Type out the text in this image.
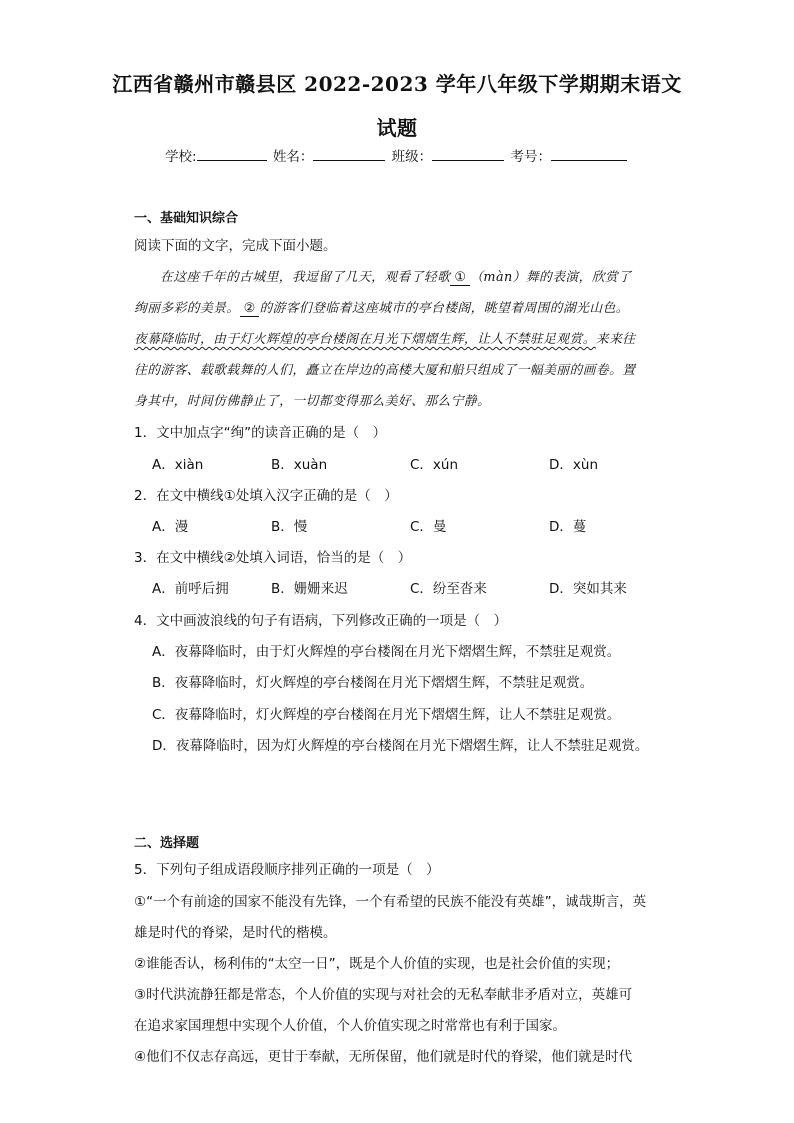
江西省赣州市赣县区 2022-2023 学年八年级下学期期末语文
试题
学校:	姓名：	班级：	考号：
一、基础知识综合
阅读下面的文字，完成下面小题。
在这座千年的古城里，我逗留了几天，观看了轻歌 ① （màn）舞的表演，欣赏了
绚丽多彩的美景。 ② 的游客们登临着这座城市的亭台楼阁，眺望着周围的湖光山色。
夜幕降临时，由于灯火辉煌的亭台楼阁在月光下熠熠生辉，让人不禁驻足观赏。来来往
往的游客、载歌载舞的人们，矗立在岸边的高楼大厦和船只组成了一幅美丽的画卷。置
身其中，时间仿佛静止了，一切都变得那么美好、那么宁静。
1．文中加点字“绚”的读音正确的是（　）
A．xiàn	B．xuàn	C．xún	D．xùn
2．在文中横线①处填入汉字正确的是（　）
A．漫	B．慢	C．曼	D．蔓
3．在文中横线②处填入词语，恰当的是（　）
A．前呼后拥	B．姗姗来迟	C．纷至沓来	D．突如其来
4．文中画波浪线的句子有语病，下列修改正确的一项是（　）
A．夜幕降临时，由于灯火辉煌的亭台楼阁在月光下熠熠生辉，不禁驻足观赏。
B．夜幕降临时，灯火辉煌的亭台楼阁在月光下熠熠生辉，不禁驻足观赏。
C．夜幕降临时，灯火辉煌的亭台楼阁在月光下熠熠生辉，让人不禁驻足观赏。
D．夜幕降临时，因为灯火辉煌的亭台楼阁在月光下熠熠生辉，让人不禁驻足观赏。
二、选择题
5．下列句子组成语段顺序排列正确的一项是（　）
①“一个有前途的国家不能没有先锋，一个有希望的民族不能没有英雄”，诚哉斯言，英
雄是时代的脊梁，是时代的楷模。
②谁能否认，杨利伟的“太空一日”，既是个人价值的实现，也是社会价值的实现；
③时代洪流静狂都是常态，个人价值的实现与对社会的无私奉献非矛盾对立，英雄可
在追求家国理想中实现个人价值，个人价值实现之时常常也有利于国家。
④他们不仅志存高远，更甘于奉献，无所保留，他们就是时代的脊梁，他们就是时代
